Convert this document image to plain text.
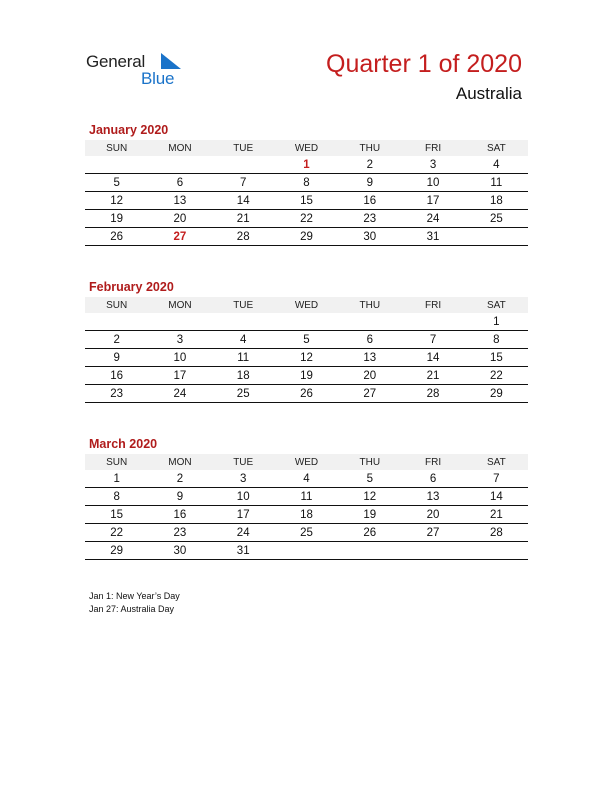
General
Blue
Quarter 1 of 2020
Australia
January 2020
SUN	MON	TUE	WED	THU	FRI	SAT
			1	2	3	4
5	6	7	8	9	10	11
12	13	14	15	16	17	18
19	20	21	22	23	24	25
26	27	28	29	30	31	
February 2020
SUN	MON	TUE	WED	THU	FRI	SAT
						1
2	3	4	5	6	7	8
9	10	11	12	13	14	15
16	17	18	19	20	21	22
23	24	25	26	27	28	29
March 2020
SUN	MON	TUE	WED	THU	FRI	SAT
1	2	3	4	5	6	7
8	9	10	11	12	13	14
15	16	17	18	19	20	21
22	23	24	25	26	27	28
29	30	31				
Jan 1: New Year’s Day
Jan 27: Australia Day
